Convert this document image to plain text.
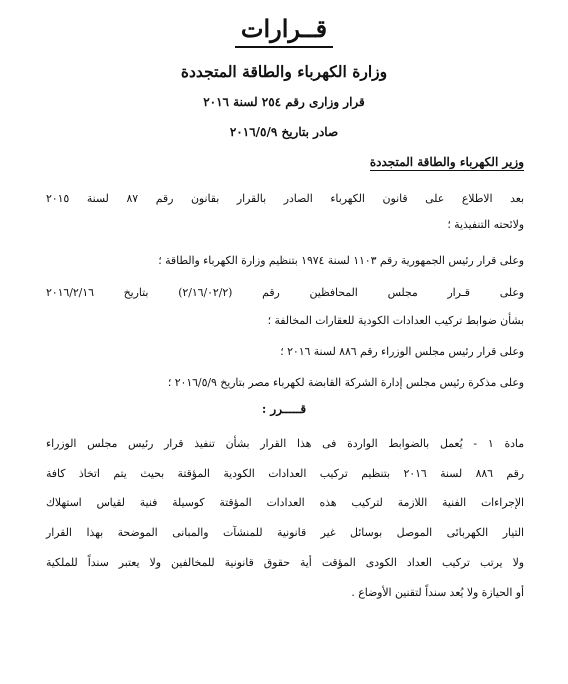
قــرارات
وزارة الكهرباء والطاقة المتجددة
قرار وزارى رقم ٢٥٤ لسنة ٢٠١٦
صادر بتاريخ ٢٠١٦/٥/٩
وزير الكهرباء والطاقة المتجددة
بعد الاطلاع على قانون الكهرباء الصادر بالقرار بقانون رقم ٨٧ لسنة ٢٠١٥
ولائحته التنفيذية ؛
وعلى قرار رئيس الجمهورية رقم ١١٠٣ لسنة ١٩٧٤ بتنظيم وزارة الكهرباء والطاقة ؛
وعلى قـرار مجلس المحافظين رقم (٢/١٦/٠٢/٢) بتاريخ ٢٠١٦/٢/١٦
بشأن ضوابط تركيب العدادات الكودية للعقارات المخالفة ؛
وعلى قرار رئيس مجلس الوزراء رقم ٨٨٦ لسنة ٢٠١٦ ؛
وعلى مذكرة رئيس مجلس إدارة الشركة القابضة لكهرباء مصر بتاريخ ٢٠١٦/٥/٩ ؛
قـــــرر :
مادة ١ - يُعمل بالضوابط الواردة فى هذا القرار بشأن تنفيذ قرار رئيس مجلس الوزراء
رقم ٨٨٦ لسنة ٢٠١٦ بتنظيم تركيب العدادات الكودية المؤقتة بحيث يتم اتخاذ كافة
الإجراءات الفنية اللازمة لتركيب هذه العدادات المؤقتة كوسيلة فنية لقياس استهلاك
التيار الكهربائى الموصل بوسائل غير قانونية للمنشآت والمبانى الموضحة بهذا القرار
ولا يرتب تركيب العداد الكودى المؤقت أية حقوق قانونية للمخالفين ولا يعتبر سنداً للملكية
أو الحيازة ولا يُعد سنداً لتقنين الأوضاع .
